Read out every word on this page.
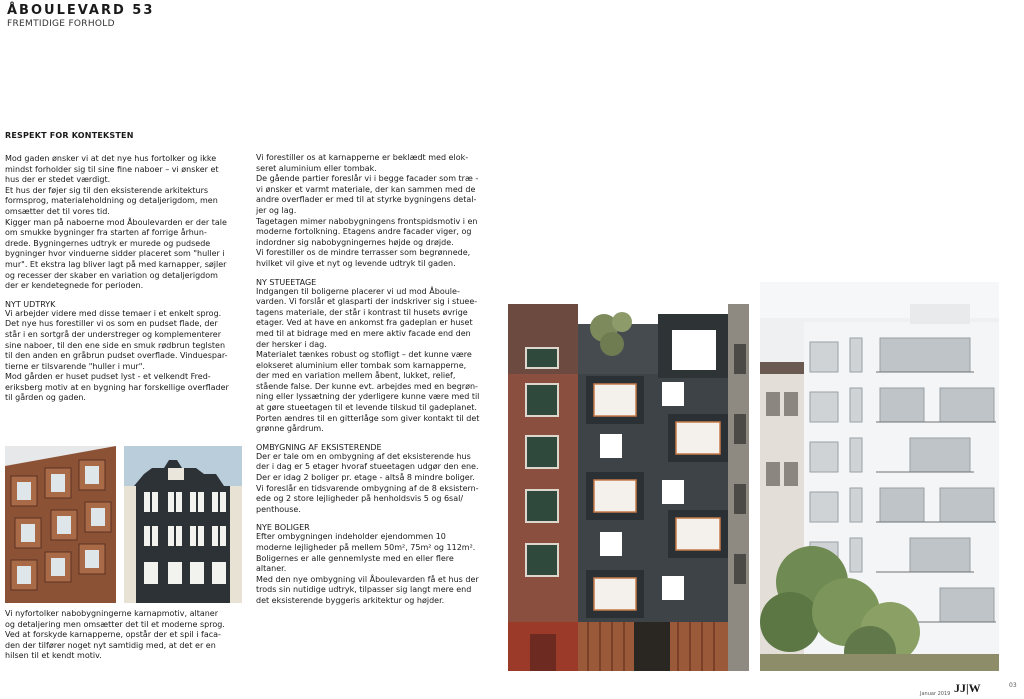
ÅBOULEVARD 53
FREMTIDIGE FORHOLD

RESPEKT FOR KONTEKSTEN

Mod gaden ønsker vi at det nye hus fortolker og ikke
mindst forholder sig til sine fine naboer – vi ønsker et
hus der er stedet værdigt.
Et hus der føjer sig til den eksisterende arkitekturs
formsprog, materialeholdning og detaljerigdom, men
omsætter det til vores tid.
Kigger man på naboerne mod Åboulevarden er der tale
om smukke bygninger fra starten af forrige århun-
drede. Bygningernes udtryk er murede og pudsede
bygninger hvor vinduerne sidder placeret som "huller i
mur". Et ekstra lag bliver lagt på med karnapper, søjler
og recesser der skaber en variation og detaljerigdom
der er kendetegnede for perioden.

NYT UDTRYK

Vi arbejder videre med disse temaer i et enkelt sprog.
Det nye hus forestiller vi os som en pudset flade, der
står i en sortgrå der understreger og komplementerer
sine naboer, til den ene side en smuk rødbrun teglsten
til den anden en gråbrun pudset overflade. Vinduespar-
tierne er tilsvarende "huller i mur".
Mod gården er huset pudset lyst - et velkendt Fred-
eriksberg motiv at en bygning har forskellige overflader
til gården og gaden.

Vi nyfortolker nabobygningerne karnapmotiv, altaner
og detaljering men omsætter det til et moderne sprog.
Ved at forskyde karnapperne, opstår der et spil i faca-
den der tilfører noget nyt samtidig med, at det er en
hilsen til et kendt motiv.

Vi forestiller os at karnapperne er beklædt med elok-
seret aluminium eller tombak.
De gående partier foreslår vi i begge facader som træ -
vi ønsker et varmt materiale, der kan sammen med de
andre overflader er med til at styrke bygningens detal-
jer og lag.
Tagetagen mimer nabobygningens frontspidsmotiv i en
moderne fortolkning. Etagens andre facader viger, og
indordner sig nabobygningernes højde og drøjde.
Vi forestiller os de mindre terrasser som begrønnede,
hvilket vil give et nyt og levende udtryk til gaden.

NY STUEETAGE

Indgangen til boligerne placerer vi ud mod Åboule-
varden. Vi forslår et glasparti der indskriver sig i stuee-
tagens materiale, der står i kontrast til husets øvrige
etager. Ved at have en ankomst fra gadeplan er huset
med til at bidrage med en mere aktiv facade end den
der hersker i dag.
Materialet tænkes robust og stofligt – det kunne være
elokseret aluminium eller tombak som karnapperne,
der med en variation mellem åbent, lukket, relief,
stående false. Der kunne evt. arbejdes med en begrøn-
ning eller lyssætning der yderligere kunne være med til
at gøre stueetagen til et levende tilskud til gadeplanet.
Porten ændres til en gitterlåge som giver kontakt til det
grønne gårdrum.

OMBYGNING AF EKSISTERENDE

Der er tale om en ombygning af det eksisterende hus
der i dag er 5 etager hvoraf stueetagen udgør den ene.
Der er idag 2 boliger pr. etage - altså 8 mindre boliger.
Vi foreslår en tidsvarende ombygning af de 8 eksistern-
ede og 2 store lejligheder på henholdsvis 5 og 6sal/
penthouse.

NYE BOLIGER

Efter ombygningen indeholder ejendommen 10
moderne lejligheder på mellem 50m², 75m² og 112m².
Boligernes er alle gennemlyste med en eller flere
altaner.
Med den nye ombygning vil Åboulevarden få et hus der
trods sin nutidige udtryk, tilpasser sig langt mere end
det eksisterende byggeris arkitektur og højder.

Januar 2019 JJ|W	03
